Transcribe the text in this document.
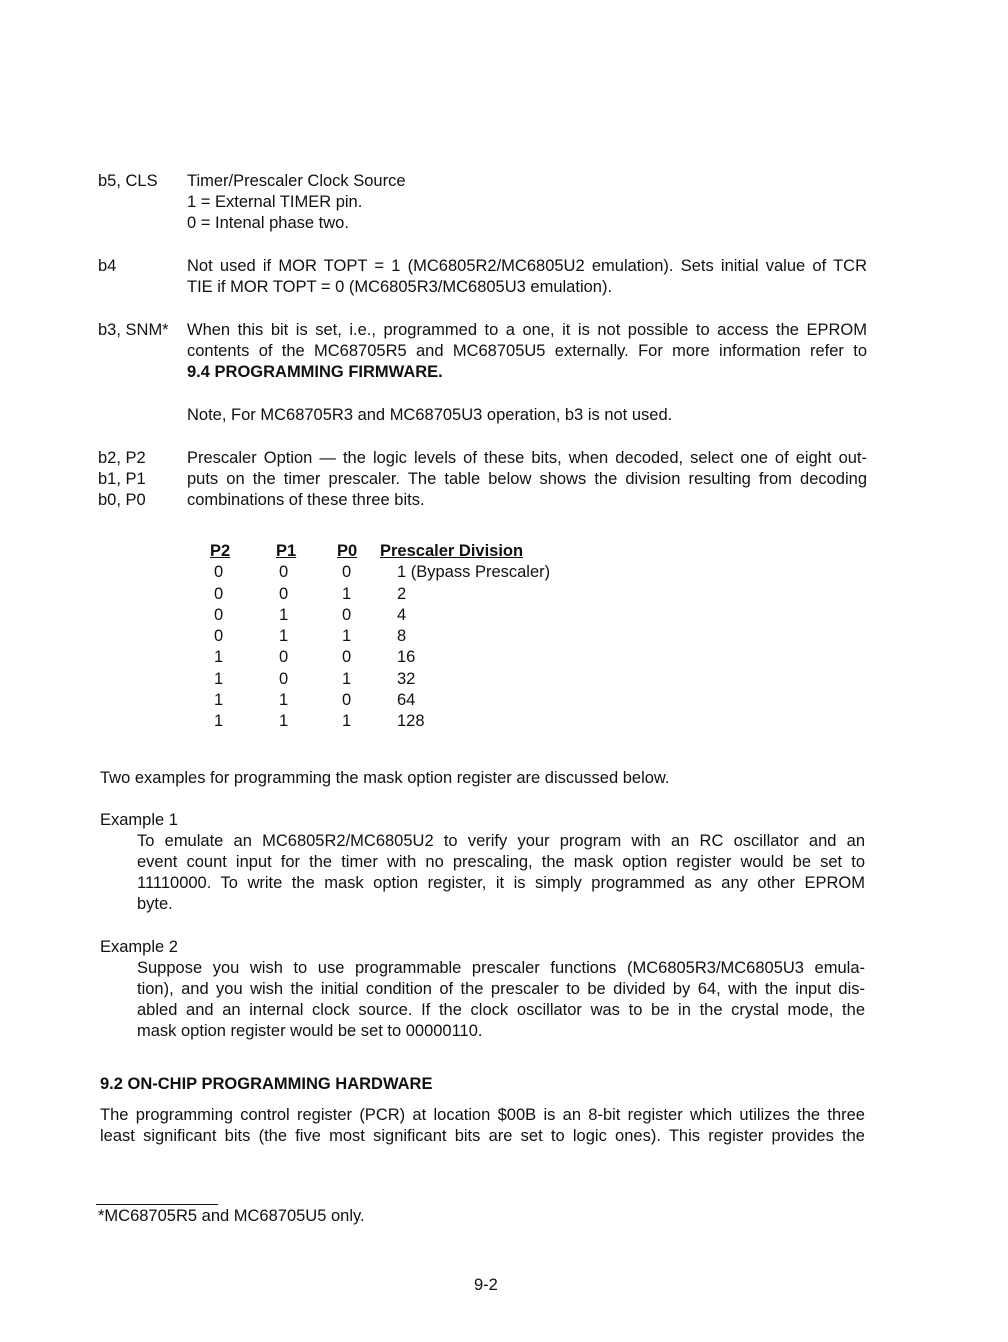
b5, CLS Timer/Prescaler Clock Source
1 = External TIMER pin.
0 = Intenal phase two.
b4	Not used if MOR TOPT = 1 (MC6805R2/MC6805U2 emulation). Sets initial value of TCR
TIE if MOR TOPT = 0 (MC6805R3/MC6805U3 emulation).
b3, SNM* When this bit is set, i.e., programmed to a one, it is not possible to access the EPROM
contents of the MC68705R5 and MC68705U5 externally. For more information refer to
9.4 PROGRAMMING FIRMWARE.
Note, For MC68705R3 and MC68705U3 operation, b3 is not used.
b2, P2
b1, P1
b0, P0
Prescaler Option — the logic levels of these bits, when decoded, select one of eight out-
puts on the timer prescaler. The table below shows the division resulting from decoding
combinations of these three bits.
P2	P1	P0	Prescaler Division
0	0	0	1 (Bypass Prescaler)
0	0	1	2
0	1	0	4
0	1	1	8
1	0	0	16
1	0	1	32
1	1	0	64
1	1	1	128
Two examples for programming the mask option register are discussed below.
Example 1
To emulate an MC6805R2/MC6805U2 to verify your program with an RC oscillator and an
event count input for the timer with no prescaling, the mask option register would be set to
11110000. To write the mask option register, it is simply programmed as any other EPROM
byte.
Example 2
Suppose you wish to use programmable prescaler functions (MC6805R3/MC6805U3 emula-
tion), and you wish the initial condition of the prescaler to be divided by 64, with the input dis-
abled and an internal clock source. If the clock oscillator was to be in the crystal mode, the
mask option register would be set to 00000110.
9.2 ON-CHIP PROGRAMMING HARDWARE
The programming control register (PCR) at location $00B is an 8-bit register which utilizes the three
least significant bits (the five most significant bits are set to logic ones). This register provides the
*MC68705R5 and MC68705U5 only.
9-2
